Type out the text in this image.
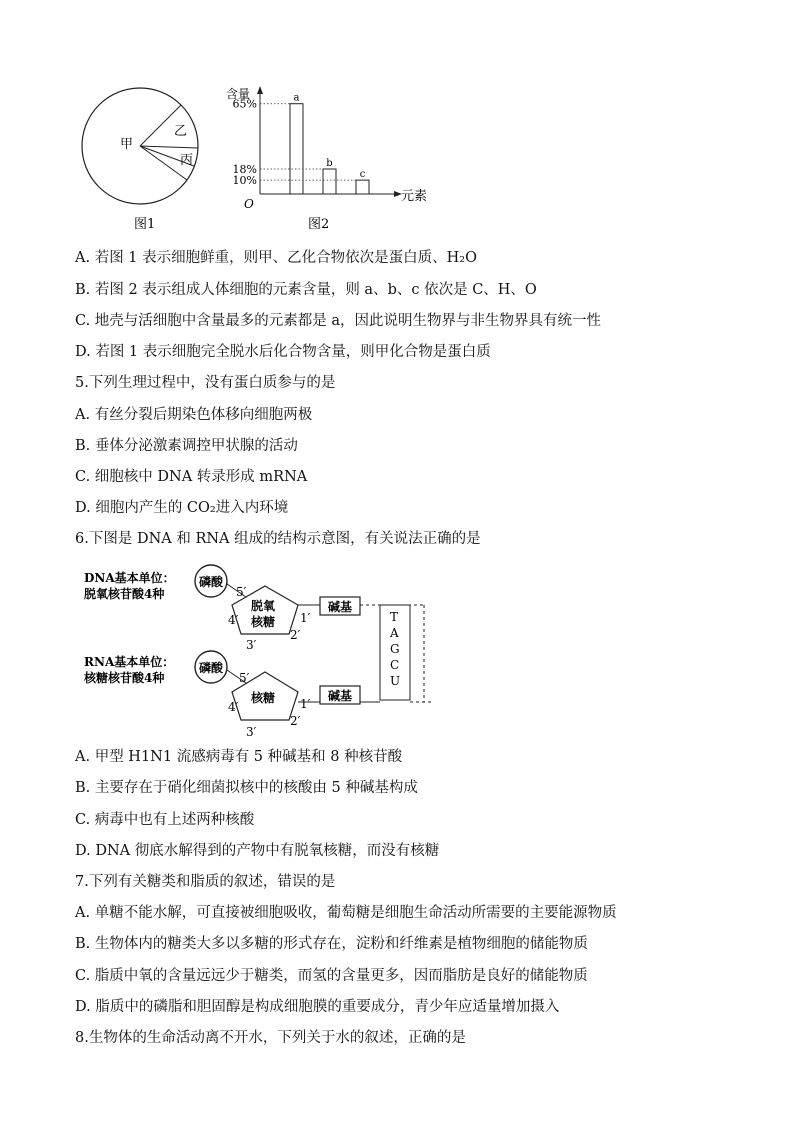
甲
乙
丙
图1
含量
元素
O
图2
a
65%
b
18%	c
10%
A. 若图 1 表示细胞鲜重，则甲、乙化合物依次是蛋白质、H₂O
B. 若图 2 表示组成人体细胞的元素含量，则 a、b、c 依次是 C、H、O
C. 地壳与活细胞中含量最多的元素都是 a，因此说明生物界与非生物界具有统一性
D. 若图 1 表示细胞完全脱水后化合物含量，则甲化合物是蛋白质
5.下列生理过程中，没有蛋白质参与的是
A. 有丝分裂后期染色体移向细胞两极
B. 垂体分泌激素调控甲状腺的活动
C. 细胞核中 DNA 转录形成 mRNA
D. 细胞内产生的 CO₂进入内环境
6.下图是 DNA 和 RNA 组成的结构示意图，有关说法正确的是
DNA基本单位：
脱氧核苷酸4种
磷酸
5′
脱氧
核糖
4′
3′
2′
1′
碱基
T
A
G
C
U
RNA基本单位：
核糖核苷酸4种
磷酸
5′
核糖
4′
3′
2′
1′
碱基
A. 甲型 H1N1 流感病毒有 5 种碱基和 8 种核苷酸
B. 主要存在于硝化细菌拟核中的核酸由 5 种碱基构成
C. 病毒中也有上述两种核酸
D. DNA 彻底水解得到的产物中有脱氧核糖，而没有核糖
7.下列有关糖类和脂质的叙述，错误的是
A. 单糖不能水解，可直接被细胞吸收，葡萄糖是细胞生命活动所需要的主要能源物质
B. 生物体内的糖类大多以多糖的形式存在，淀粉和纤维素是植物细胞的储能物质
C. 脂质中氧的含量远远少于糖类，而氢的含量更多，因而脂肪是良好的储能物质
D. 脂质中的磷脂和胆固醇是构成细胞膜的重要成分，青少年应适量增加摄入
8.生物体的生命活动离不开水，下列关于水的叙述，正确的是
